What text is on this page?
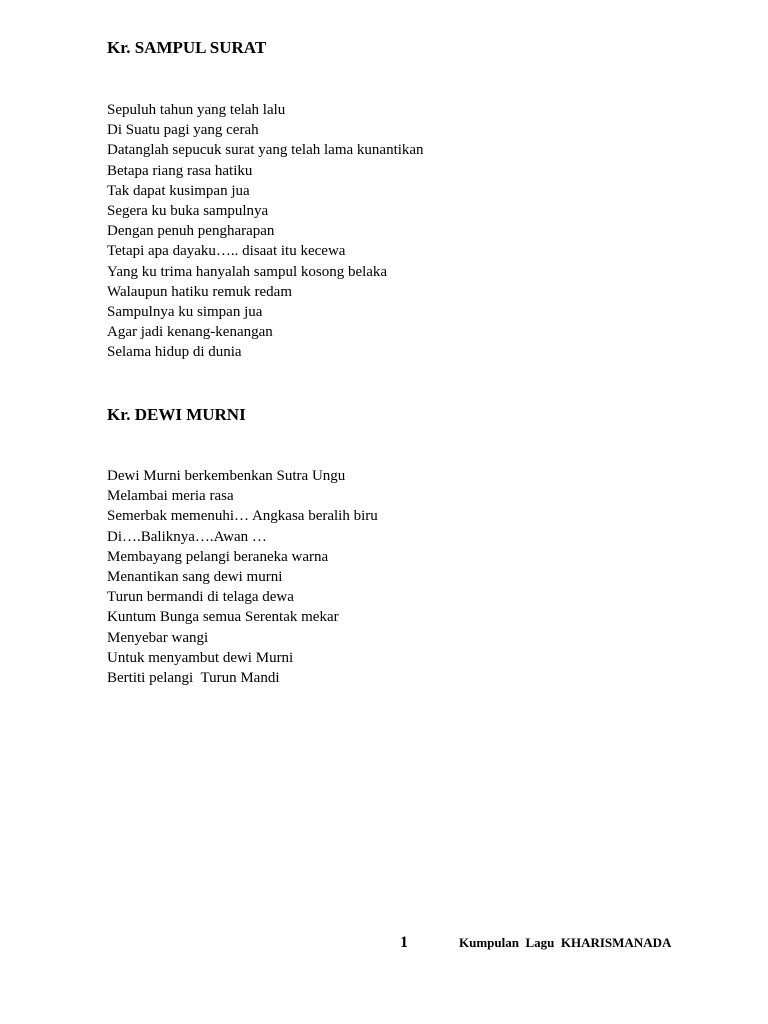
Kr. SAMPUL SURAT
Sepuluh tahun yang telah lalu
Di Suatu pagi yang cerah
Datanglah sepucuk surat yang telah lama kunantikan
Betapa riang rasa hatiku
Tak dapat kusimpan jua
Segera ku buka sampulnya
Dengan penuh pengharapan
Tetapi apa dayaku….. disaat itu kecewa
Yang ku trima hanyalah sampul kosong belaka
Walaupun hatiku remuk redam
Sampulnya ku simpan jua
Agar jadi kenang-kenangan
Selama hidup di dunia
Kr. DEWI MURNI
Dewi Murni berkembenkan Sutra Ungu
Melambai meria rasa
Semerbak memenuhi… Angkasa beralih biru
Di….Baliknya….Awan …
Membayang pelangi beraneka warna
Menantikan sang dewi murni
Turun bermandi di telaga dewa
Kuntum Bunga semua Serentak mekar
Menyebar wangi
Untuk menyambut dewi Murni
Bertiti pelangi  Turun Mandi
1	Kumpulan  Lagu  KHARISMANADA
